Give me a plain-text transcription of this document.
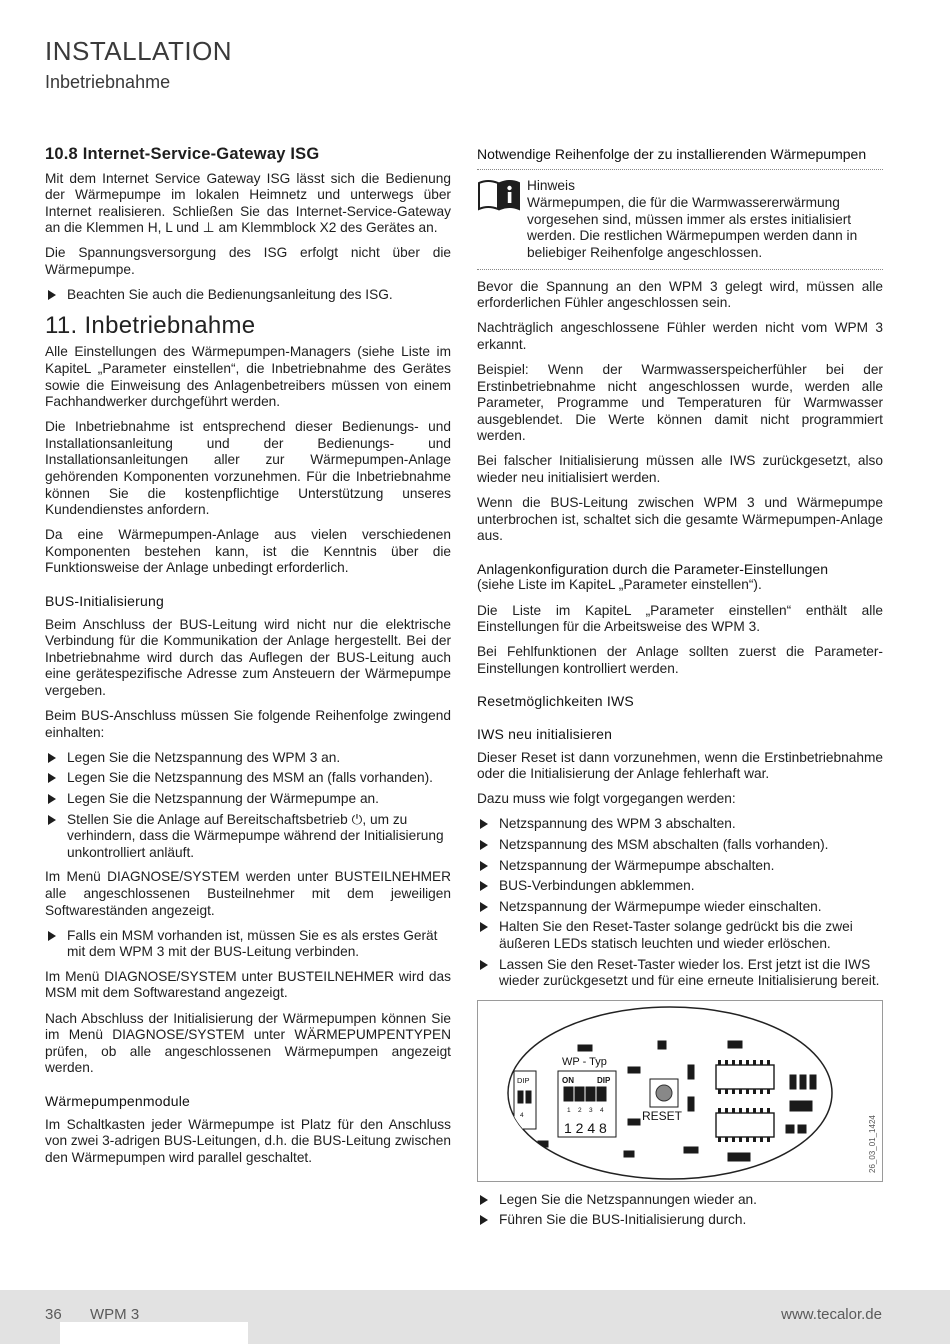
INSTALLATION
Inbetriebnahme
10.8 Internet-Service-Gateway ISG

Mit dem Internet Service Gateway ISG lässt sich die Bedienung der Wärmepumpe im lokalen Heimnetz und unterwegs über Internet realisieren. Schließen Sie das Internet-Service-Gateway an die Klemmen H, L und ⊥ am Klemmblock X2 des Gerätes an.

Die Spannungsversorgung des ISG erfolgt nicht über die Wärmepumpe.

Beachten Sie auch die Bedienungsanleitung des ISG.
11. Inbetriebnahme

Alle Einstellungen des Wärmepumpen-Managers (siehe Liste im KapiteL „Parameter einstellen“, die Inbetriebnahme des Gerätes sowie die Einweisung des Anlagenbetreibers müssen von einem Fachhandwerker durchgeführt werden.

Die Inbetriebnahme ist entsprechend dieser Bedienungs- und Installationsanleitung und der Bedienungs- und Installationsanleitungen aller zur Wärmepumpen-Anlage gehörenden Komponenten vorzunehmen. Für die Inbetriebnahme können Sie die kostenpflichtige Unterstützung unseres Kundendienstes anfordern.

Da eine Wärmepumpen-Anlage aus vielen verschiedenen Komponenten bestehen kann, ist die Kenntnis über die Funktionsweise der Anlage unbedingt erforderlich.

BUS-Initialisierung

Beim Anschluss der BUS-Leitung wird nicht nur die elektrische Verbindung für die Kommunikation der Anlage hergestellt. Bei der Inbetriebnahme wird durch das Auflegen der BUS-Leitung auch eine gerätespezifische Adresse zum Ansteuern der Wärmepumpe vergeben.

Beim BUS-Anschluss müssen Sie folgende Reihenfolge zwingend einhalten:

Legen Sie die Netzspannung des WPM 3 an.
Legen Sie die Netzspannung des MSM an (falls vorhanden).
Legen Sie die Netzspannung der Wärmepumpe an.
Stellen Sie die Anlage auf Bereitschaftsbetrieb ⏻, um zu verhindern, dass die Wärmepumpe während der Initialisierung unkontrolliert anläuft.

Im Menü DIAGNOSE/SYSTEM werden unter BUSTEILNEHMER alle angeschlossenen Busteilnehmer mit dem jeweiligen Softwareständen angezeigt.

Falls ein MSM vorhanden ist, müssen Sie es als erstes Gerät mit dem WPM 3 mit der BUS-Leitung verbinden.

Im Menü DIAGNOSE/SYSTEM unter BUSTEILNEHMER wird das MSM mit dem Softwarestand angezeigt.

Nach Abschluss der Initialisierung der Wärmepumpen können Sie im Menü DIAGNOSE/SYSTEM unter WÄRMEPUMPENTYPEN prüfen, ob alle angeschlossenen Wärmepumpen angezeigt werden.

Wärmepumpenmodule

Im Schaltkasten jeder Wärmepumpe ist Platz für den Anschluss von zwei 3-adrigen BUS-Leitungen, d.h. die BUS-Leitung zwischen den Wärmepumpen wird parallel geschaltet.

Notwendige Reihenfolge der zu installierenden Wärmepumpen
Hinweis
Wärmepumpen, die für die Warmwassererwärmung vorgesehen sind, müssen immer als erstes initialisiert werden. Die restlichen Wärmepumpen werden dann in beliebiger Reihenfolge angeschlossen.

Bevor die Spannung an den WPM 3 gelegt wird, müssen alle erforderlichen Fühler angeschlossen sein.

Nachträglich angeschlossene Fühler werden nicht vom WPM 3 erkannt.

Beispiel: Wenn der Warmwasserspeicherfühler bei der Erstinbetriebnahme nicht angeschlossen wurde, werden alle Parameter, Programme und Temperaturen für Warmwasser ausgeblendet. Die Werte können damit nicht programmiert werden.

Bei falscher Initialisierung müssen alle IWS zurückgesetzt, also wieder neu initialisiert werden.

Wenn die BUS-Leitung zwischen WPM 3 und Wärmepumpe unterbrochen ist, schaltet sich die gesamte Wärmepumpen-Anlage aus.

Anlagenkonfiguration durch die Parameter-Einstellungen

(siehe Liste im KapiteL „Parameter einstellen“).

Die Liste im KapiteL „Parameter einstellen“ enthält alle Einstellungen für die Arbeitsweise des WPM 3.

Bei Fehlfunktionen der Anlage sollten zuerst die Parameter-Einstellungen kontrolliert werden.

Resetmöglichkeiten IWS
IWS neu initialisieren

Dieser Reset ist dann vorzunehmen, wenn die Erstinbetriebnahme oder die Initialisierung der Anlage fehlerhaft war.

Dazu muss wie folgt vorgegangen werden:

Netzspannung des WPM 3 abschalten.
Netzspannung des MSM abschalten (falls vorhanden).
Netzspannung der Wärmepumpe abschalten.
BUS-Verbindungen abklemmen.
Netzspannung der Wärmepumpe wieder einschalten.
Halten Sie den Reset-Taster solange gedrückt bis die zwei äußeren LEDs statisch leuchten und wieder erlöschen.
Lassen Sie den Reset-Taster wieder los. Erst jetzt ist die IWS wieder zurückgesetzt und für eine erneute Initialisierung bereit.
WP - Typ
DIP	ON	DIP
1 2 3 4
4
1 2 4 8
RESET	26_03_01_1424
Legen Sie die Netzspannungen wieder an.
Führen Sie die BUS-Initialisierung durch.
36 WPM 3	www.tecalor.de
